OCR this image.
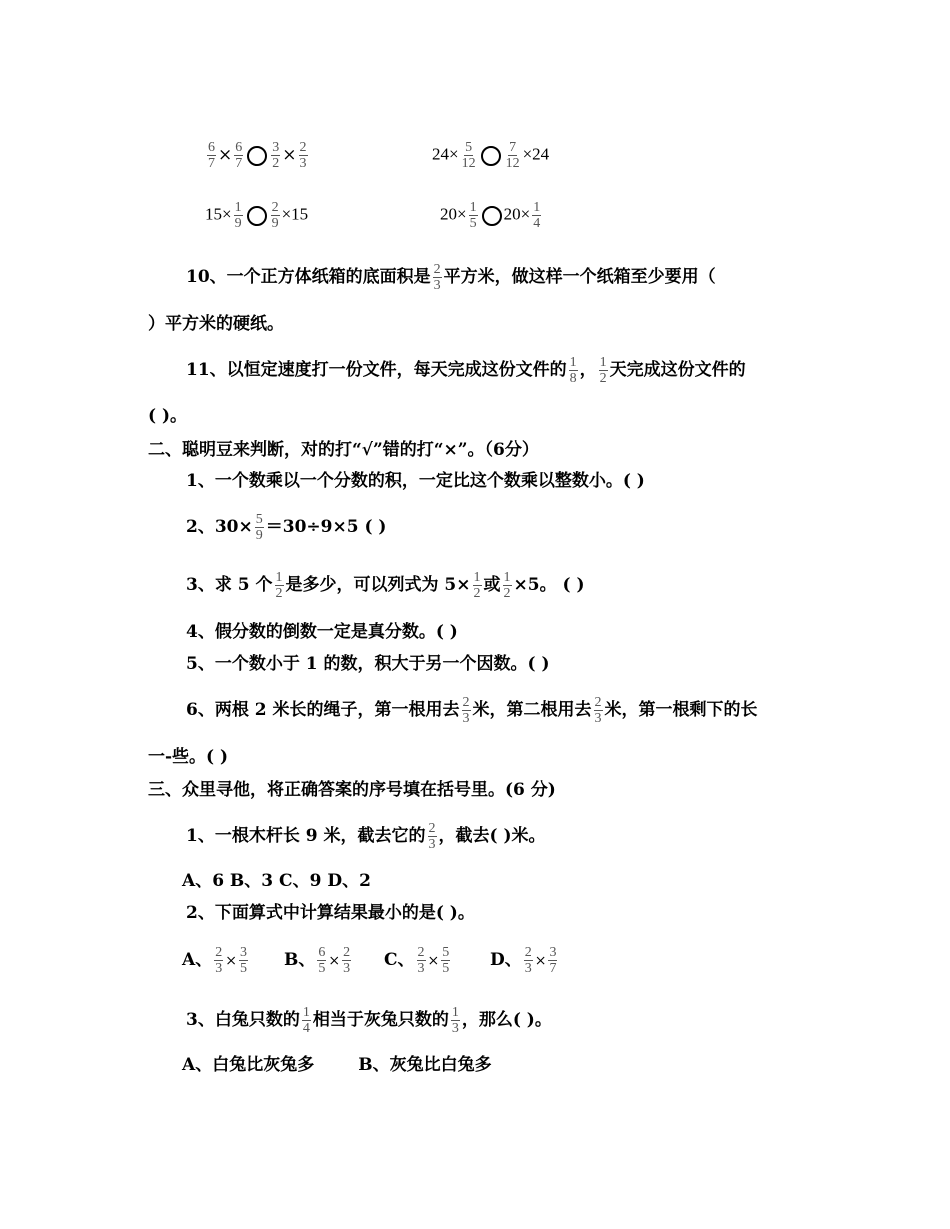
$\frac{6}{7} \times \frac{6}{7} \frac{3}{2} \times \frac{2}{3}$	$24\times \frac{5}{12} \frac{7}{12} \times 24$
$15\times \frac{1}{9} \frac{2}{9} \times 15$	$20\times \frac{1}{5} 20\times \frac{1}{4}$
10、一个正方体纸箱的底面积是 $\frac{2}{3}$ 平方米，做这样一个纸箱至少要用（
）平方米的硬纸。
11、以恒定速度打一份文件，每天完成这份文件的 $\frac{1}{8}$ ， $\frac{1}{2}$ 天完成这份文件的
( )。
二、聪明豆来判断，对的打“√”错的打“×”。（6分）
1、一个数乘以一个分数的积，一定比这个数乘以整数小。( )
2、$30\times \frac{5}{9} =30\div 9\times 5$ ( )
3、求 5 个 $\frac{1}{2}$ 是多少，可以列式为 $5\times \frac{1}{2}$ 或 $\frac{1}{2} \times 5$。 ( )
4、假分数的倒数一定是真分数。( )
5、一个数小于 1 的数，积大于另一个因数。( )
6、两根 2 米长的绳子，第一根用去 $\frac{2}{3}$ 米，第二根用去 $\frac{2}{3}$ 米，第一根剩下的长
一-些。( )
三、众里寻他，将正确答案的序号填在括号里。(6 分)
1、一根木杆长 9 米，截去它的 $\frac{2}{3}$ ，截去( )米。
A、6 B、3 C、9 D、2
2、下面算式中计算结果最小的是( )。
A、 $\frac{2}{3} \times \frac{3}{5}$ B、 $\frac{6}{5} \times \frac{2}{3}$ C、 $\frac{2}{3} \times \frac{5}{5}$ D、 $\frac{2}{3} \times \frac{3}{7}$
3、白兔只数的 $\frac{1}{4}$ 相当于灰兔只数的 $\frac{1}{3}$ ，那么( )。
A、白兔比灰兔多	B、灰兔比白兔多
